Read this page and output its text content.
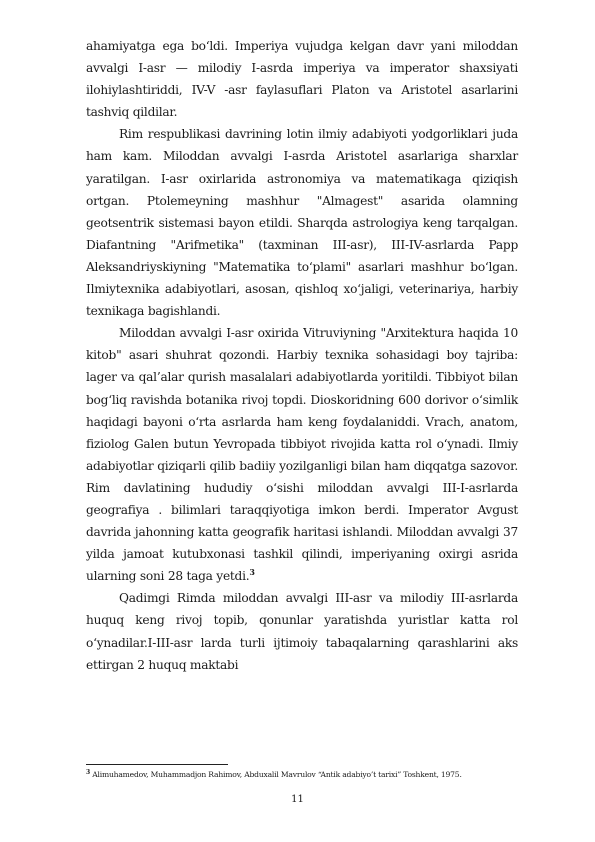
ahamiyatga ega bo‘ldi. Imperiya vujudga kelgan davr yani miloddan avvalgi I-asr — milodiy I-asrda imperiya va imperator shaxsiyati ilohiylashtiriddi, IV-V -asr faylasuflari Platon va Aristotel asarlarini tashviq qildilar.

Rim respublikasi davrining lotin ilmiy adabiyoti yodgorliklari juda ham kam. Miloddan avvalgi I-asrda Aristotel asarlariga sharxlar yaratilgan. I-asr oxirlarida astronomiya va matematikaga qiziqish ortgan. Ptolemeyning mashhur "Almagest" asarida olamning geotsentrik sistemasi bayon etildi. Sharqda astrologiya keng tarqalgan. Diafantning "Arifmetika" (taxminan III-asr), III-IV-asrlarda Papp Aleksandriyskiyning "Matematika to‘plami" asarlari mashhur bo‘lgan. Ilmiytexnika adabiyotlari, asosan, qishloq xo‘jaligi, veterinariya, harbiy texnikaga bagishlandi.

Miloddan avvalgi I-asr oxirida Vitruviyning "Arxitektura haqida 10 kitob" asari shuhrat qozondi. Harbiy texnika sohasidagi boy tajriba: lager va qal’alar qurish masalalari adabiyotlarda yoritildi. Tibbiyot bilan bog‘liq ravishda botanika rivoj topdi. Dioskoridning 600 dorivor o‘simlik haqidagi bayoni o‘rta asrlarda ham keng foydalaniddi. Vrach, anatom, fiziolog Galen butun Yevropada tibbiyot rivojida katta rol o‘ynadi. Ilmiy adabiyotlar qiziqarli qilib badiiy yozilganligi bilan ham diqqatga sazovor. Rim davlatining hududiy o‘sishi miloddan avvalgi III-I-asrlarda geografiya . bilimlari taraqqiyotiga imkon berdi. Imperator Avgust davrida jahonning katta geografik haritasi ishlandi. Miloddan avvalgi 37 yilda jamoat kutubxonasi tashkil qilindi, imperiyaning oxirgi asrida ularning soni 28 taga yetdi.$^3$

Qadimgi Rimda miloddan avvalgi III-asr va milodiy III-asrlarda huquq keng rivoj topib, qonunlar yaratishda yuristlar katta rol o‘ynadilar.I-III-asr larda turli ijtimoiy tabaqalarning qarashlarini aks ettirgan 2 huquq maktabi

$^3$ Alimuhamedov, Muhammadjon Rahimov, Abduxalil Mavrulov “Antik adabiyo’t tarixi” Toshkent, 1975.
11
